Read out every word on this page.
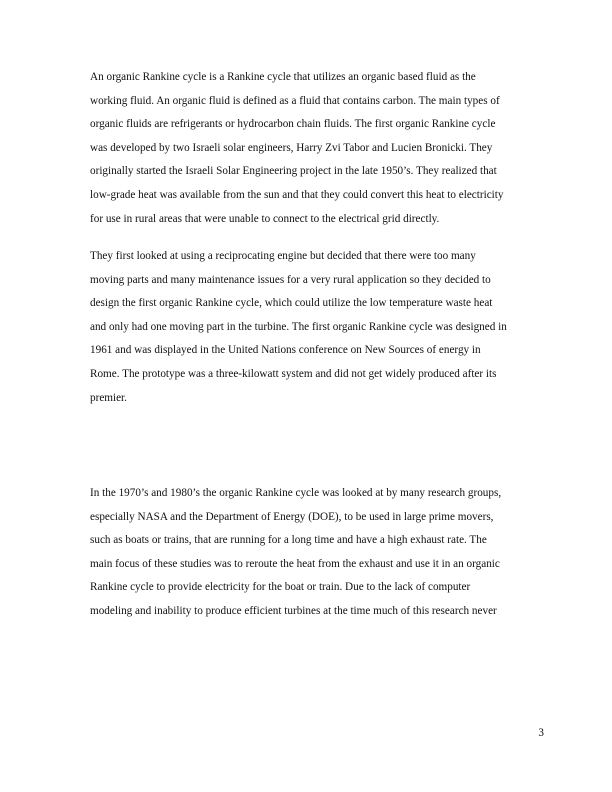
An organic Rankine cycle is a Rankine cycle that utilizes an organic based fluid as the
working fluid. An organic fluid is defined as a fluid that contains carbon. The main types of
organic fluids are refrigerants or hydrocarbon chain fluids. The first organic Rankine cycle
was developed by two Israeli solar engineers, Harry Zvi Tabor and Lucien Bronicki. They
originally started the Israeli Solar Engineering project in the late 1950’s. They realized that
low-grade heat was available from the sun and that they could convert this heat to electricity
for use in rural areas that were unable to connect to the electrical grid directly.
They first looked at using a reciprocating engine but decided that there were too many
moving parts and many maintenance issues for a very rural application so they decided to
design the first organic Rankine cycle, which could utilize the low temperature waste heat
and only had one moving part in the turbine. The first organic Rankine cycle was designed in
1961 and was displayed in the United Nations conference on New Sources of energy in
Rome. The prototype was a three-kilowatt system and did not get widely produced after its
premier.
In the 1970’s and 1980’s the organic Rankine cycle was looked at by many research groups,
especially NASA and the Department of Energy (DOE), to be used in large prime movers,
such as boats or trains, that are running for a long time and have a high exhaust rate. The
main focus of these studies was to reroute the heat from the exhaust and use it in an organic
Rankine cycle to provide electricity for the boat or train. Due to the lack of computer
modeling and inability to produce efficient turbines at the time much of this research never
3
